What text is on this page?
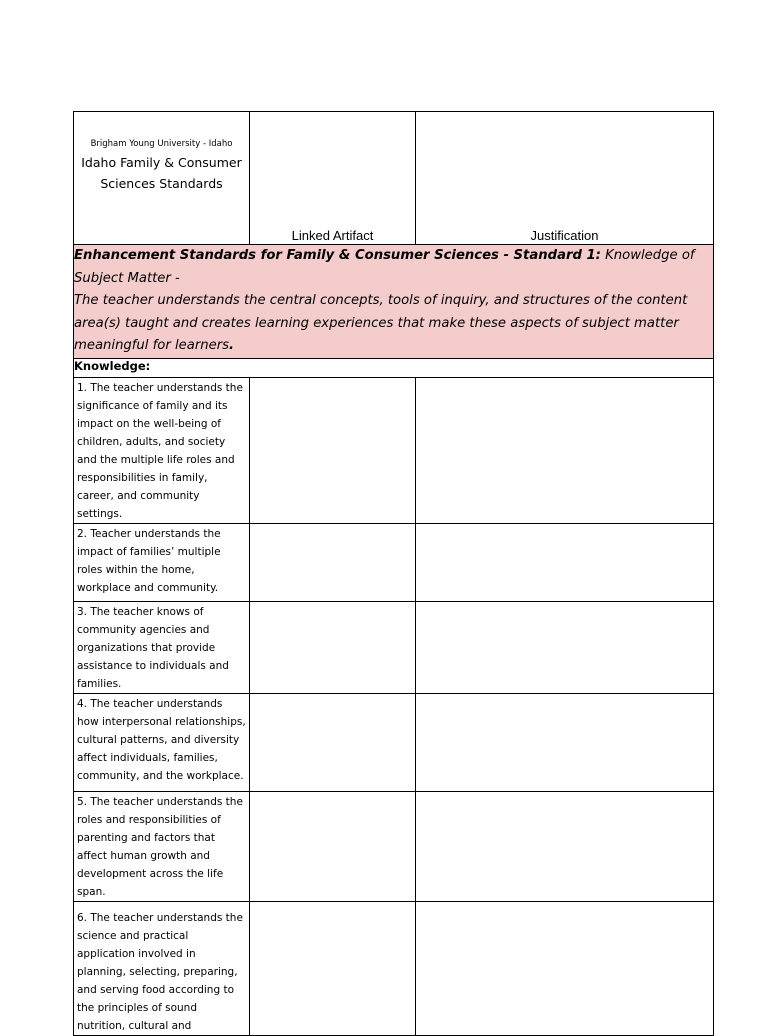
Brigham Young University - Idaho
Idaho Family & Consumer
Sciences Standards	Linked Artifact	Justification
Enhancement Standards for Family & Consumer Sciences - Standard 1: Knowledge of Subject Matter -
The teacher understands the central concepts, tools of inquiry, and structures of the content area(s) taught and creates learning experiences that make these aspects of subject matter meaningful for learners.		
Knowledge:		
1. The teacher understands the significance of family and its impact on the well-being of children, adults, and society and the multiple life roles and responsibilities in family, career, and community settings.		
2. Teacher understands the impact of families’ multiple roles within the home, workplace and community.		
3. The teacher knows of community agencies and organizations that provide assistance to individuals and families.		
4. The teacher understands how interpersonal relationships, cultural patterns, and diversity affect individuals, families, community, and the workplace.		
5. The teacher understands the roles and responsibilities of parenting and factors that affect human growth and development across the life span.		
6. The teacher understands the science and practical application involved in planning, selecting, preparing, and serving food according to the principles of sound nutrition, cultural and		
